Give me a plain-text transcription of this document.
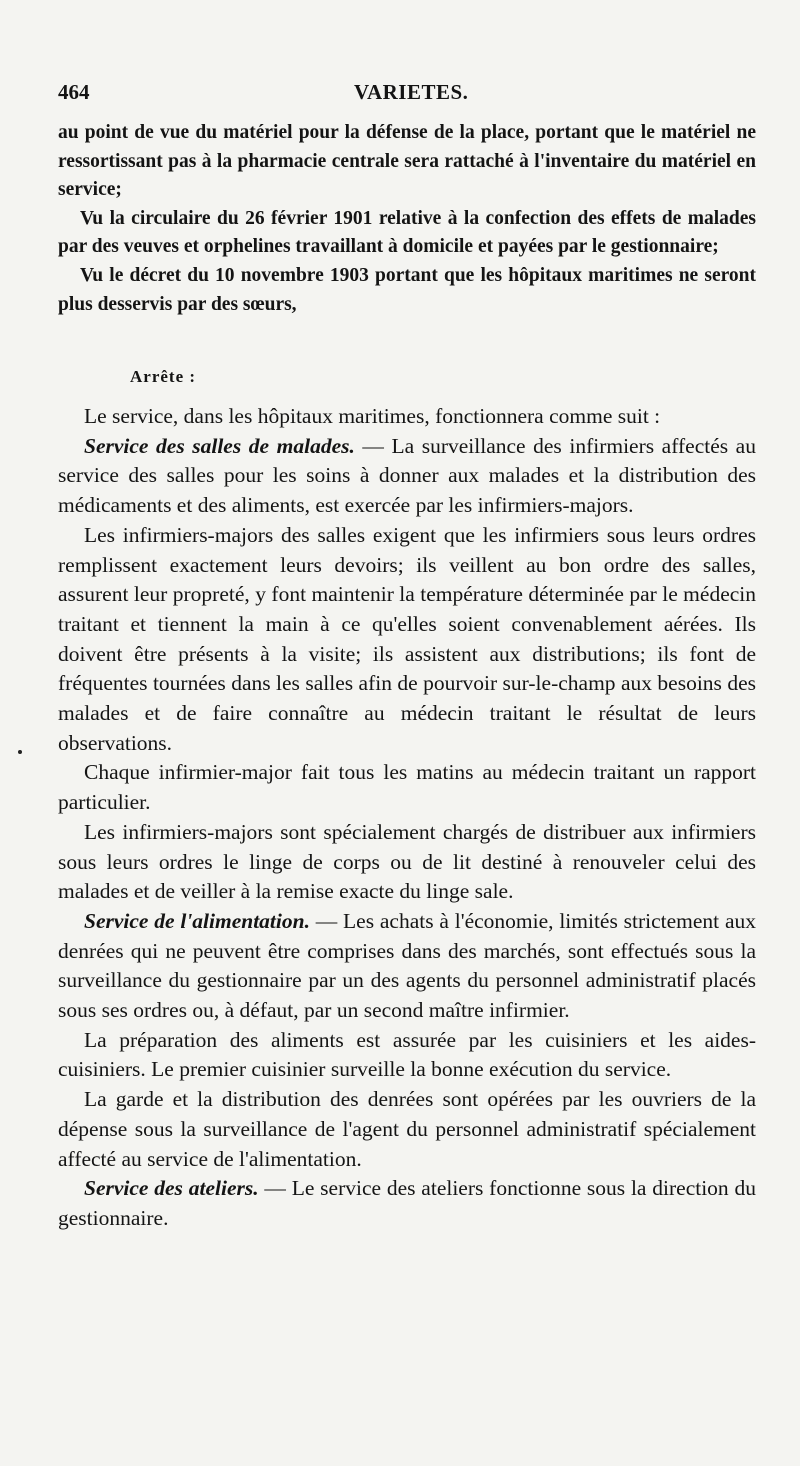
464	VARIETES.

au point de vue du matériel pour la défense de la place, portant que le matériel ne ressortissant pas à la pharmacie centrale sera rattaché à l'inventaire du matériel en service;

Vu la circulaire du 26 février 1901 relative à la confection des effets de malades par des veuves et orphelines travaillant à domicile et payées par le gestionnaire;

Vu le décret du 10 novembre 1903 portant que les hôpitaux maritimes ne seront plus desservis par des sœurs,

Arrête :

Le service, dans les hôpitaux maritimes, fonctionnera comme suit :

Service des salles de malades. — La surveillance des infirmiers affectés au service des salles pour les soins à donner aux malades et la distribution des médicaments et des aliments, est exercée par les infirmiers-majors.

Les infirmiers-majors des salles exigent que les infirmiers sous leurs ordres remplissent exactement leurs devoirs; ils veillent au bon ordre des salles, assurent leur propreté, y font maintenir la température déterminée par le médecin traitant et tiennent la main à ce qu'elles soient convenablement aérées. Ils doivent être présents à la visite; ils assistent aux distributions; ils font de fréquentes tournées dans les salles afin de pourvoir sur-le-champ aux besoins des malades et de faire connaître au médecin traitant le résultat de leurs observations.

Chaque infirmier-major fait tous les matins au médecin traitant un rapport particulier.

Les infirmiers-majors sont spécialement chargés de distribuer aux infirmiers sous leurs ordres le linge de corps ou de lit destiné à renouveler celui des malades et de veiller à la remise exacte du linge sale.

Service de l'alimentation. — Les achats à l'économie, limités strictement aux denrées qui ne peuvent être comprises dans des marchés, sont effectués sous la surveillance du gestionnaire par un des agents du personnel administratif placés sous ses ordres ou, à défaut, par un second maître infirmier.

La préparation des aliments est assurée par les cuisiniers et les aides-cuisiniers. Le premier cuisinier surveille la bonne exécution du service.

La garde et la distribution des denrées sont opérées par les ouvriers de la dépense sous la surveillance de l'agent du personnel administratif spécialement affecté au service de l'alimentation.

Service des ateliers. — Le service des ateliers fonctionne sous la direction du gestionnaire.
